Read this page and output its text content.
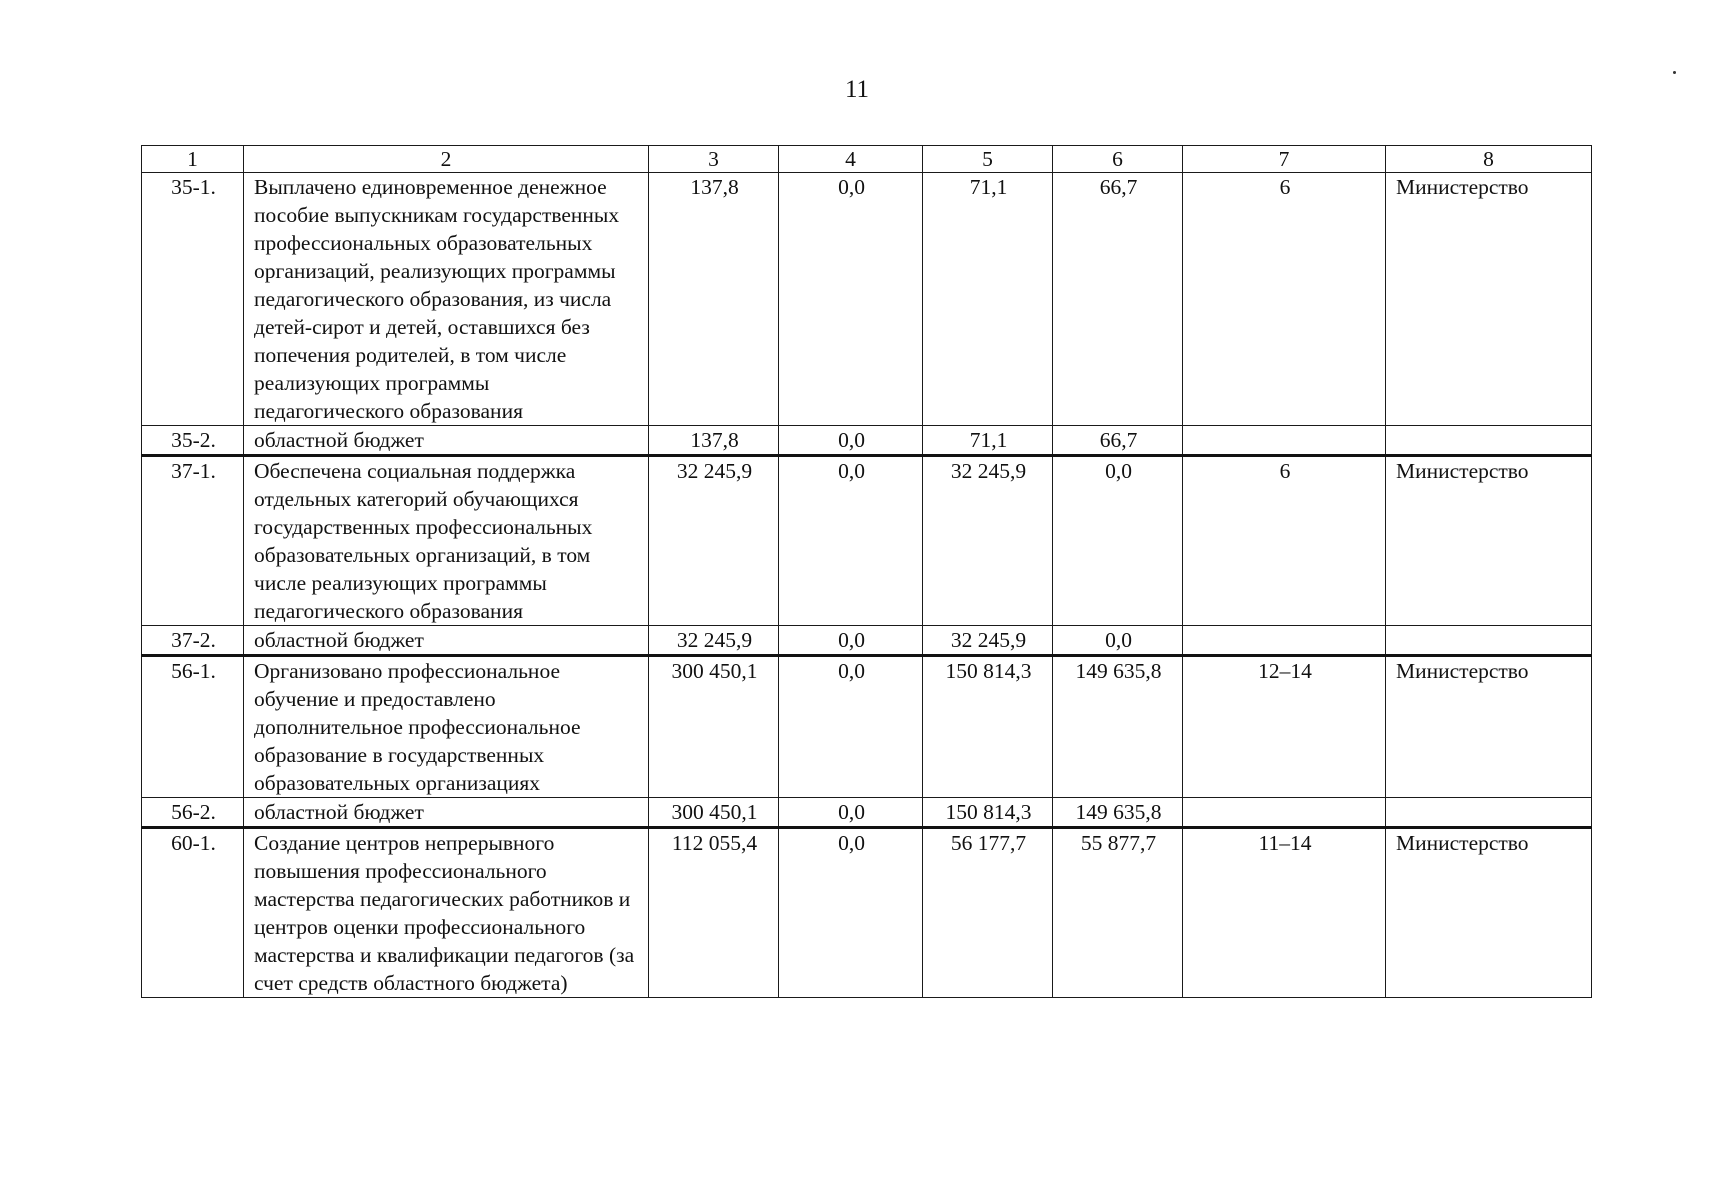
11
1	2	3	4	5	6	7	8
35-1.	Выплачено единовременное денежное пособие выпускникам государственных профессиональных образовательных организаций, реализующих программы педагогического образования, из числа детей-сирот и детей, оставшихся без попечения родителей, в том числе реализующих программы педагогического образования	137,8	0,0	71,1	66,7	6	Министерство
35-2.	областной бюджет	137,8	0,0	71,1	66,7		
37-1.	Обеспечена социальная поддержка отдельных категорий обучающихся государственных профессиональных образовательных организаций, в том числе реализующих программы педагогического образования	32 245,9	0,0	32 245,9	0,0	6	Министерство
37-2.	областной бюджет	32 245,9	0,0	32 245,9	0,0		
56-1.	Организовано профессиональное обучение и предоставлено дополнительное профессиональное образование в государственных образовательных организациях	300 450,1	0,0	150 814,3	149 635,8	12–14	Министерство
56-2.	областной бюджет	300 450,1	0,0	150 814,3	149 635,8		
60-1.	Создание центров непрерывного повышения профессионального мастерства педагогических работников и центров оценки профессионального мастерства и квалификации педагогов (за счет средств областного бюджета)	112 055,4	0,0	56 177,7	55 877,7	11–14	Министерство
